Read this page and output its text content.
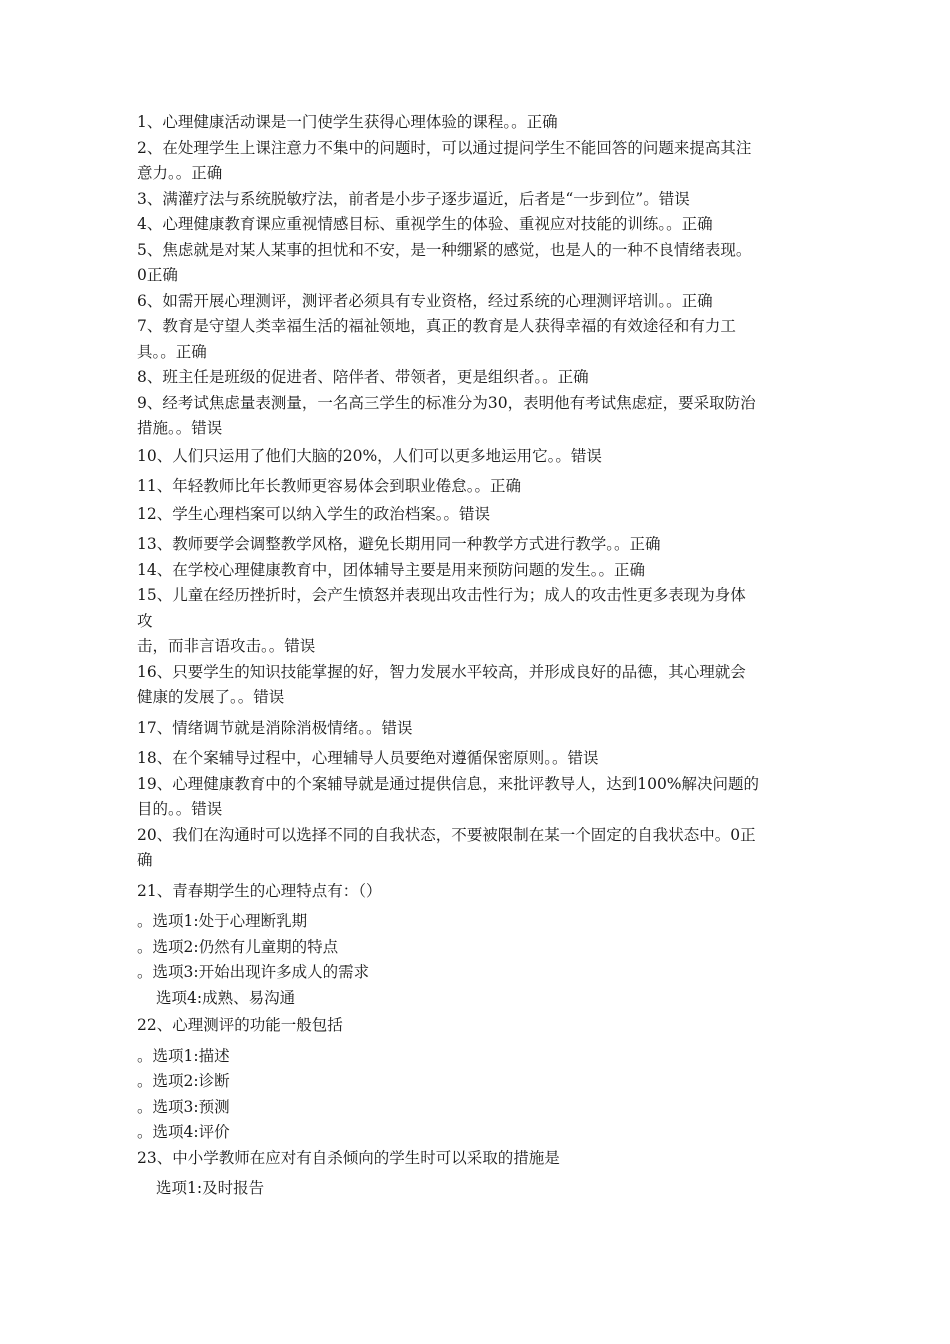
1、心理健康活动课是一门使学生获得心理体验的课程。。正确

2、在处理学生上课注意力不集中的问题时，可以通过提问学生不能回答的问题来提高其注

意力。。正确

3、满灌疗法与系统脱敏疗法，前者是小步子逐步逼近，后者是“一步到位”。错误

4、心理健康教育课应重视情感目标、重视学生的体验、重视应对技能的训练。。正确

5、焦虑就是对某人某事的担忧和不安，是一种绷紧的感觉，也是人的一种不良情绪表现。

0正确

6、如需开展心理测评，测评者必须具有专业资格，经过系统的心理测评培训。。正确

7、教育是守望人类幸福生活的福祉领地，真正的教育是人获得幸福的有效途径和有力工

具。。正确

8、班主任是班级的促进者、陪伴者、带领者，更是组织者。。正确

9、经考试焦虑量表测量，一名高三学生的标准分为30，表明他有考试焦虑症，要采取防治

措施。。错误

10、人们只运用了他们大脑的20%，人们可以更多地运用它。。错误

11、年轻教师比年长教师更容易体会到职业倦怠。。正确

12、学生心理档案可以纳入学生的政治档案。。错误

13、教师要学会调整教学风格，避免长期用同一种教学方式进行教学。。正确

14、在学校心理健康教育中，团体辅导主要是用来预防问题的发生。。正确

15、儿童在经历挫折时，会产生愤怒并表现出攻击性行为；成人的攻击性更多表现为身体

攻

击，而非言语攻击。。错误

16、只要学生的知识技能掌握的好，智力发展水平较高，并形成良好的品德，其心理就会

健康的发展了。。错误

17、情绪调节就是消除消极情绪。。错误

18、在个案辅导过程中，心理辅导人员要绝对遵循保密原则。。错误

19、心理健康教育中的个案辅导就是通过提供信息，来批评教导人，达到100%解决问题的

目的。。错误

20、我们在沟通时可以选择不同的自我状态，不要被限制在某一个固定的自我状态中。0正

确

21、青春期学生的心理特点有：（）

。选项1:处于心理断乳期

。选项2:仍然有儿童期的特点

。选项3:开始出现许多成人的需求

选项4:成熟、易沟通

22、心理测评的功能一般包括

。选项1:描述

。选项2:诊断

。选项3:预测

。选项4:评价

23、中小学教师在应对有自杀倾向的学生时可以采取的措施是

选项1:及时报告
